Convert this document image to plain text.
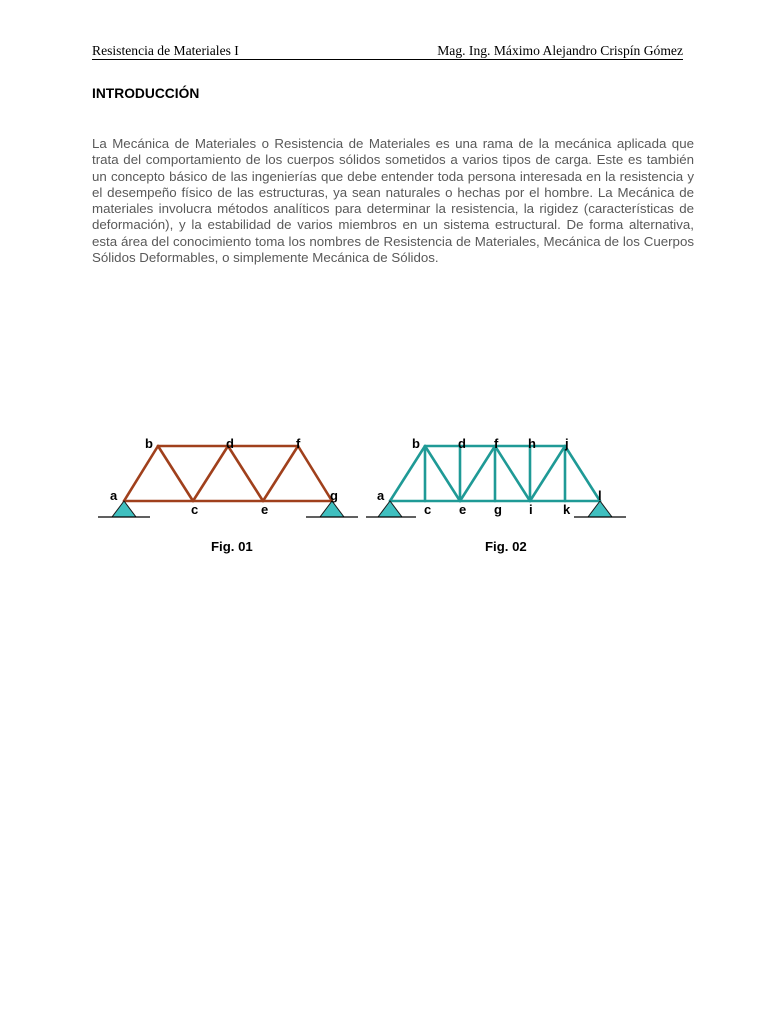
Resistencia de Materiales I	Mag. Ing. Máximo Alejandro Crispín Gómez
INTRODUCCIÓN

La Mecánica de Materiales o Resistencia de Materiales es una rama de la mecánica aplicada que trata del comportamiento de los cuerpos sólidos sometidos a varios tipos de carga. Este es también un concepto básico de las ingenierías que debe entender toda persona interesada en la resistencia y el desempeño físico de las estructuras, ya sean naturales o hechas por el hombre. La Mecánica de materiales involucra métodos analíticos para determinar la resistencia, la rigidez (características de deformación), y la estabilidad de varios miembros en un sistema estructural. De forma alternativa, esta área del conocimiento toma los nombres de Resistencia de Materiales, Mecánica de los Cuerpos Sólidos Deformables, o simplemente Mecánica de Sólidos.

b	d	f
a
c	e
g
b	d f h j
a
c e g i k
l
Fig. 01	Fig. 02
